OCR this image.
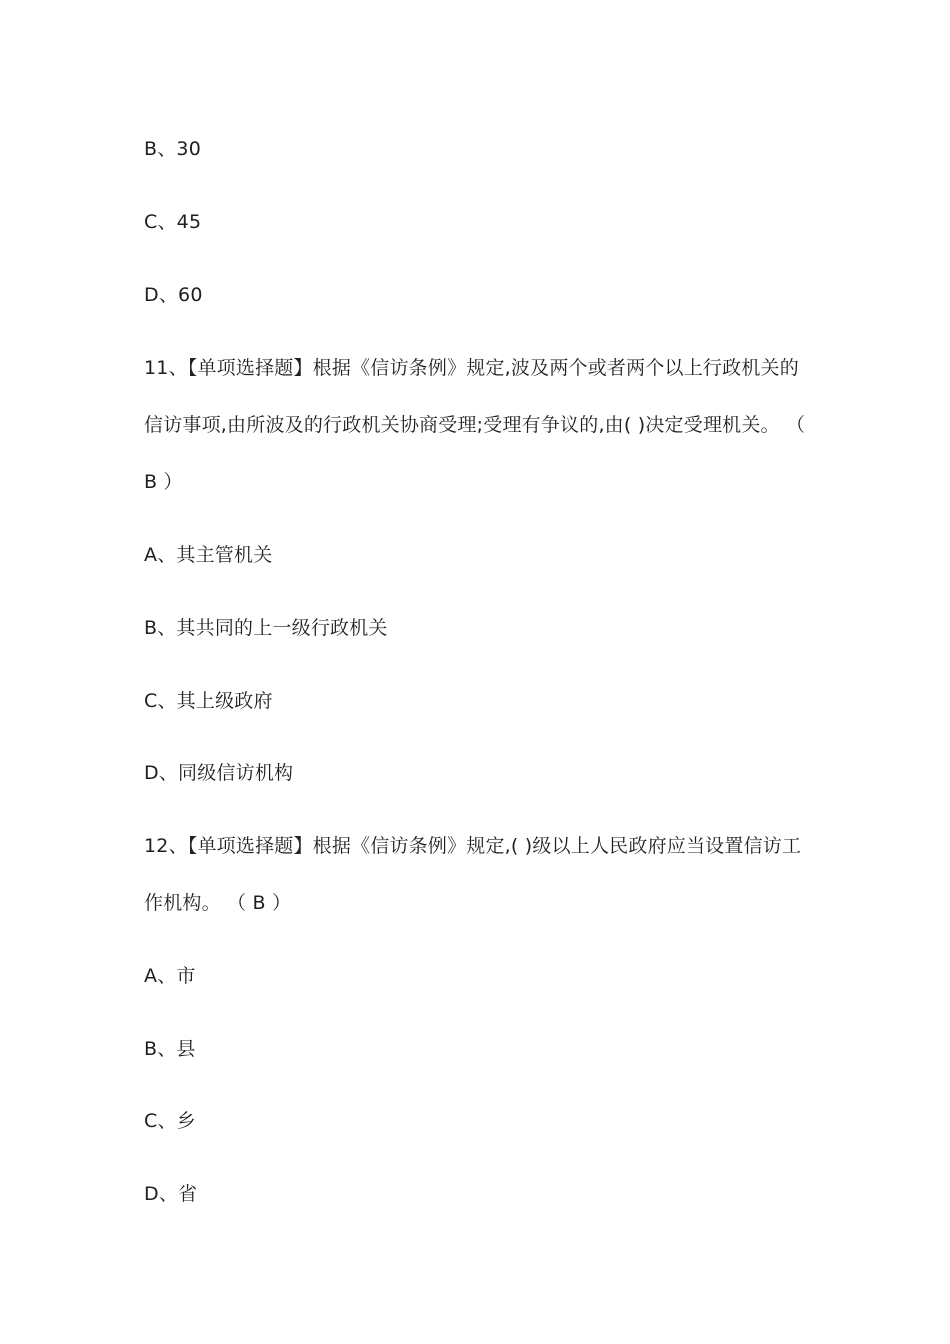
B、30
C、45
D、60
11、【单项选择题】根据《信访条例》规定,波及两个或者两个以上行政机关的
信访事项,由所波及的行政机关协商受理;受理有争议的,由( )决定受理机关。 （
B ）
A、其主管机关
B、其共同的上一级行政机关
C、其上级政府
D、同级信访机构
12、【单项选择题】根据《信访条例》规定,( )级以上人民政府应当设置信访工
作机构。 （ B ）
A、市
B、县
C、乡
D、省
